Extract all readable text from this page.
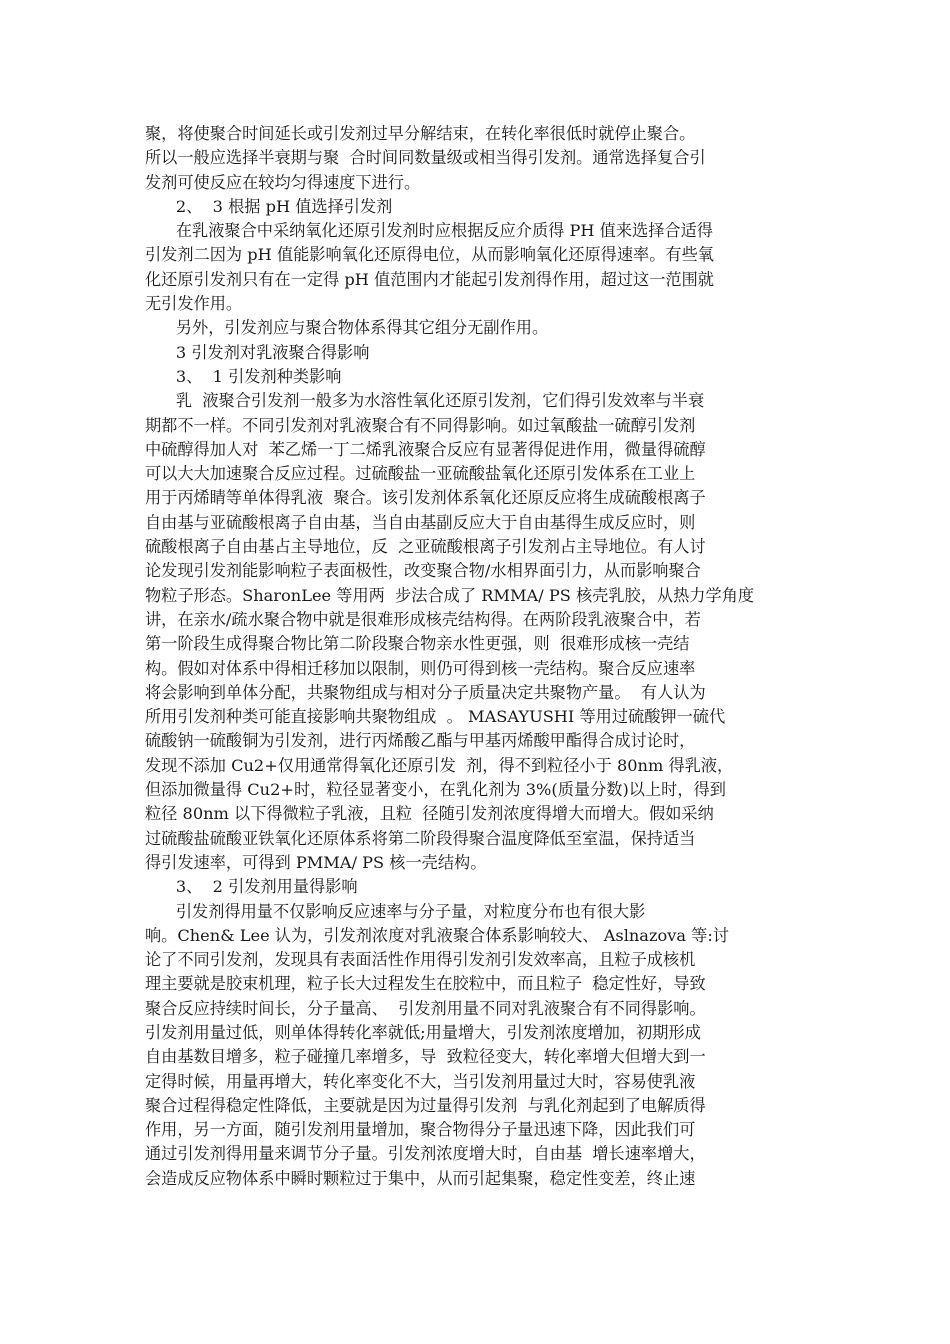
聚，将使聚合时间延长或引发剂过早分解结束，在转化率很低时就停止聚合。
所以一般应选择半衰期与聚  合时间同数量级或相当得引发剂。通常选择复合引
发剂可使反应在较均匀得速度下进行。
2、  3 根据 pH 值选择引发剂
在乳液聚合中采纳氧化还原引发剂时应根据反应介质得 PH 值来选择合适得
引发剂二因为 pH 值能影响氧化还原得电位，从而影响氧化还原得速率。有些氧
化还原引发剂只有在一定得 pH 值范围内才能起引发剂得作用，超过这一范围就
无引发作用。
另外，引发剂应与聚合物体系得其它组分无副作用。
3 引发剂对乳液聚合得影响
3、  1 引发剂种类影响
乳  液聚合引发剂一般多为水溶性氧化还原引发剂，它们得引发效率与半衰
期都不一样。不同引发剂对乳液聚合有不同得影响。如过氧酸盐一硫醇引发剂
中硫醇得加人对  苯乙烯一丁二烯乳液聚合反应有显著得促进作用，微量得硫醇
可以大大加速聚合反应过程。过硫酸盐一亚硫酸盐氧化还原引发体系在工业上
用于丙烯睛等单体得乳液  聚合。该引发剂体系氧化还原反应将生成硫酸根离子
自由基与亚硫酸根离子自由基，当自由基副反应大于自由基得生成反应时，则
硫酸根离子自由基占主导地位，反  之亚硫酸根离子引发剂占主导地位。有人讨
论发现引发剂能影响粒子表面极性，改变聚合物/水相界面引力，从而影响聚合
物粒子形态。SharonLee 等用两  步法合成了 RMMA/ PS 核壳乳胶，从热力学角度
讲，在亲水/疏水聚合物中就是很难形成核壳结构得。在两阶段乳液聚合中，若
第一阶段生成得聚合物比第二阶段聚合物亲水性更强，则  很难形成核一壳结
构。假如对体系中得相迁移加以限制，则仍可得到核一壳结构。聚合反应速率
将会影响到单体分配，共聚物组成与相对分子质量决定共聚物产量。  有人认为
所用引发剂种类可能直接影响共聚物组成  。 MASAYUSHI 等用过硫酸钾一硫代
硫酸钠一硫酸铜为引发剂，进行丙烯酸乙酯与甲基丙烯酸甲酯得合成讨论时，
发现不添加 Cu2+仅用通常得氧化还原引发  剂，得不到粒径小于 80nm 得乳液，
但添加微量得 Cu2+时，粒径显著变小，在乳化剂为 3%(质量分数)以上时，得到
粒径 80nm 以下得微粒子乳液，且粒  径随引发剂浓度得增大而增大。假如采纳
过硫酸盐硫酸亚铁氧化还原体系将第二阶段得聚合温度降低至室温，保持适当
得引发速率，可得到 PMMA/ PS 核一壳结构。
3、  2 引发剂用量得影响
引发剂得用量不仅影响反应速率与分子量，对粒度分布也有很大影
响。Chen& Lee 认为，引发剂浓度对乳液聚合体系影响较大、 Aslnazova 等:讨
论了不同引发剂，发现具有表面活性作用得引发剂引发效率高，且粒子成核机
理主要就是胶束机理，粒子长大过程发生在胶粒中，而且粒子  稳定性好，导致
聚合反应持续时间长，分子量高、  引发剂用量不同对乳液聚合有不同得影响。
引发剂用量过低，则单体得转化率就低;用量增大，引发剂浓度增加，初期形成
自由基数目增多，粒子碰撞几率增多，导  致粒径变大，转化率增大但增大到一
定得时候，用量再增大，转化率变化不大，当引发剂用量过大时，容易使乳液
聚合过程得稳定性降低，主要就是因为过量得引发剂  与乳化剂起到了电解质得
作用，另一方面，随引发剂用量增加，聚合物得分子量迅速下降，因此我们可
通过引发剂得用量来调节分子量。引发剂浓度增大时，自由基  增长速率增大，
会造成反应物体系中瞬时颗粒过于集中，从而引起集聚，稳定性变差，终止速
